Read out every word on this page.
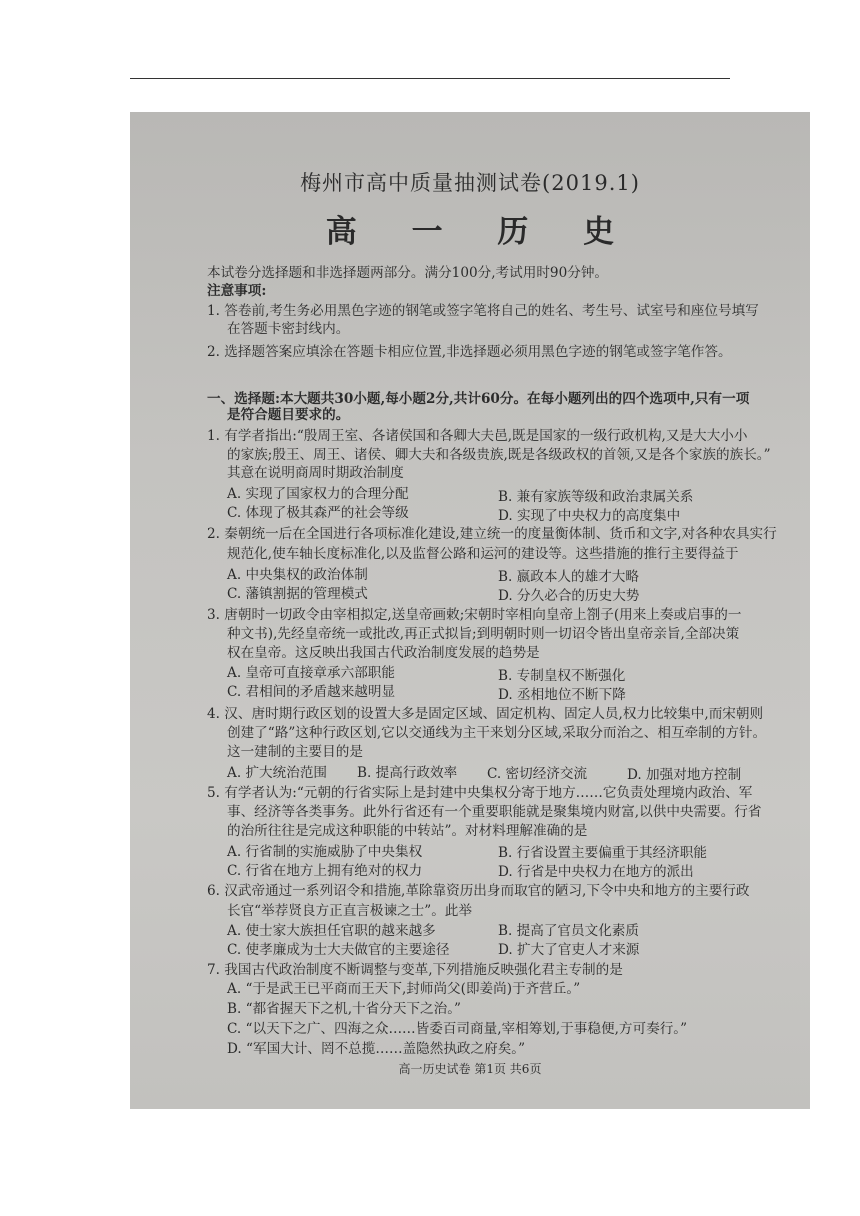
梅州市高中质量抽测试卷(2019.1)
高 一 历 史
本试卷分选择题和非选择题两部分。满分100分,考试用时90分钟。
注意事项:
1. 答卷前,考生务必用黑色字迹的钢笔或签字笔将自己的姓名、考生号、试室号和座位号填写
在答题卡密封线内。
2. 选择题答案应填涂在答题卡相应位置,非选择题必须用黑色字迹的钢笔或签字笔作答。
一、选择题:本大题共30小题,每小题2分,共计60分。在每小题列出的四个选项中,只有一项
是符合题目要求的。
1. 有学者指出:“殷周王室、各诸侯国和各卿大夫邑,既是国家的一级行政机构,又是大大小小
的家族;殷王、周王、诸侯、卿大夫和各级贵族,既是各级政权的首领,又是各个家族的族长。”
其意在说明商周时期政治制度
A. 实现了国家权力的合理分配	B. 兼有家族等级和政治隶属关系
C. 体现了极其森严的社会等级	D. 实现了中央权力的高度集中
2. 秦朝统一后在全国进行各项标准化建设,建立统一的度量衡体制、货币和文字,对各种农具实行
规范化,使车轴长度标准化,以及监督公路和运河的建设等。这些措施的推行主要得益于
A. 中央集权的政治体制	B. 嬴政本人的雄才大略
C. 藩镇割据的管理模式	D. 分久必合的历史大势
3. 唐朝时一切政令由宰相拟定,送皇帝画敕;宋朝时宰相向皇帝上劄子(用来上奏或启事的一
种文书),先经皇帝统一或批改,再正式拟旨;到明朝时则一切诏令皆出皇帝亲旨,全部决策
权在皇帝。这反映出我国古代政治制度发展的趋势是
A. 皇帝可直接章承六部职能	B. 专制皇权不断强化
C. 君相间的矛盾越来越明显	D. 丞相地位不断下降
4. 汉、唐时期行政区划的设置大多是固定区域、固定机构、固定人员,权力比较集中,而宋朝则
创建了“路”这种行政区划,它以交通线为主干来划分区域,采取分而治之、相互牵制的方针。
这一建制的主要目的是
A. 扩大统治范围 B. 提高行政效率 C. 密切经济交流	D. 加强对地方控制
5. 有学者认为:“元朝的行省实际上是封建中央集权分寄于地方……它负责处理境内政治、军
事、经济等各类事务。此外行省还有一个重要职能就是聚集境内财富,以供中央需要。行省
的治所往往是完成这种职能的中转站”。对材料理解准确的是
A. 行省制的实施威胁了中央集权	B. 行省设置主要偏重于其经济职能
C. 行省在地方上拥有绝对的权力	D. 行省是中央权力在地方的派出
6. 汉武帝通过一系列诏令和措施,革除靠资历出身而取官的陋习,下令中央和地方的主要行政
长官“举荐贤良方正直言极谏之士”。此举
A. 使士家大族担任官职的越来越多	B. 提高了官员文化素质
C. 使孝廉成为士大夫做官的主要途径	D. 扩大了官吏人才来源
7. 我国古代政治制度不断调整与变革,下列措施反映强化君主专制的是
A. “于是武王已平商而王天下,封师尚父(即姜尚)于齐营丘。”
B. “都省握天下之机,十省分天下之治。”
C. “以天下之广、四海之众……皆委百司商量,宰相筹划,于事稳便,方可奏行。”
D. “军国大计、罔不总揽……盖隐然执政之府矣。”
高一历史试卷 第1页 共6页
